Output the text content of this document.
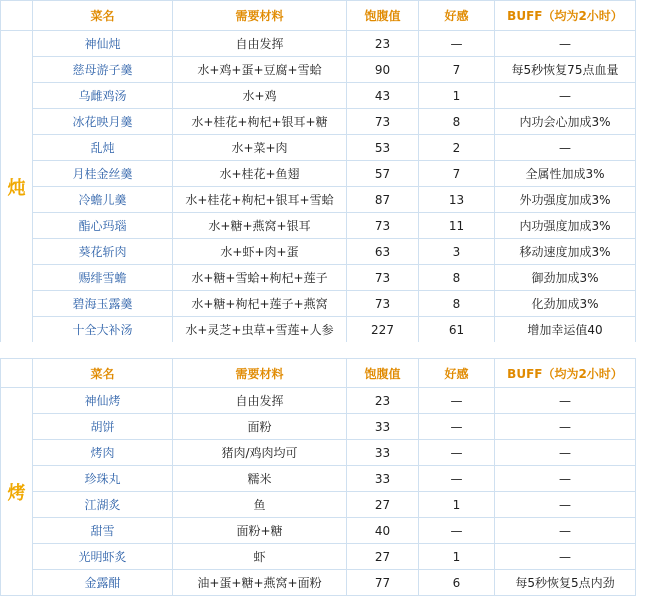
	菜名	需要材料	饱腹值	好感	BUFF（均为2小时）
炖	神仙炖	自由发挥	23	—	—
	慈母游子羹	水+鸡+蛋+豆腐+雪蛤	90	7	每5秒恢复75点血量
	乌雌鸡汤	水+鸡	43	1	—
	冰花映月羹	水+桂花+枸杞+银耳+糖	73	8	内功会心加成3%
	乱炖	水+菜+肉	53	2	—
	月桂金丝羹	水+桂花+鱼翅	57	7	全属性加成3%
	冷蟾儿羹	水+桂花+枸杞+银耳+雪蛤	87	13	外功强度加成3%
	酯心玛瑙	水+糖+燕窝+银耳	73	11	内功强度加成3%
	葵花斩肉	水+虾+肉+蛋	63	3	移动速度加成3%
	赐绯雪蟾	水+糖+雪蛤+枸杞+莲子	73	8	御劲加成3%
	碧海玉露羹	水+糖+枸杞+莲子+燕窝	73	8	化劲加成3%
	十全大补汤	水+灵芝+虫草+雪莲+人参	227	61	增加幸运值40
	菜名	需要材料	饱腹值	好感	BUFF（均为2小时）
烤	神仙烤	自由发挥	23	—	—
	胡饼	面粉	33	—	—
	烤肉	猪肉/鸡肉均可	33	—	—
	珍珠丸	糯米	33	—	—
	江湖炙	鱼	27	1	—
	甜雪	面粉+糖	40	—	—
	光明虾炙	虾	27	1	—
	金露酣	油+蛋+糖+燕窝+面粉	77	6	每5秒恢复5点内劲
